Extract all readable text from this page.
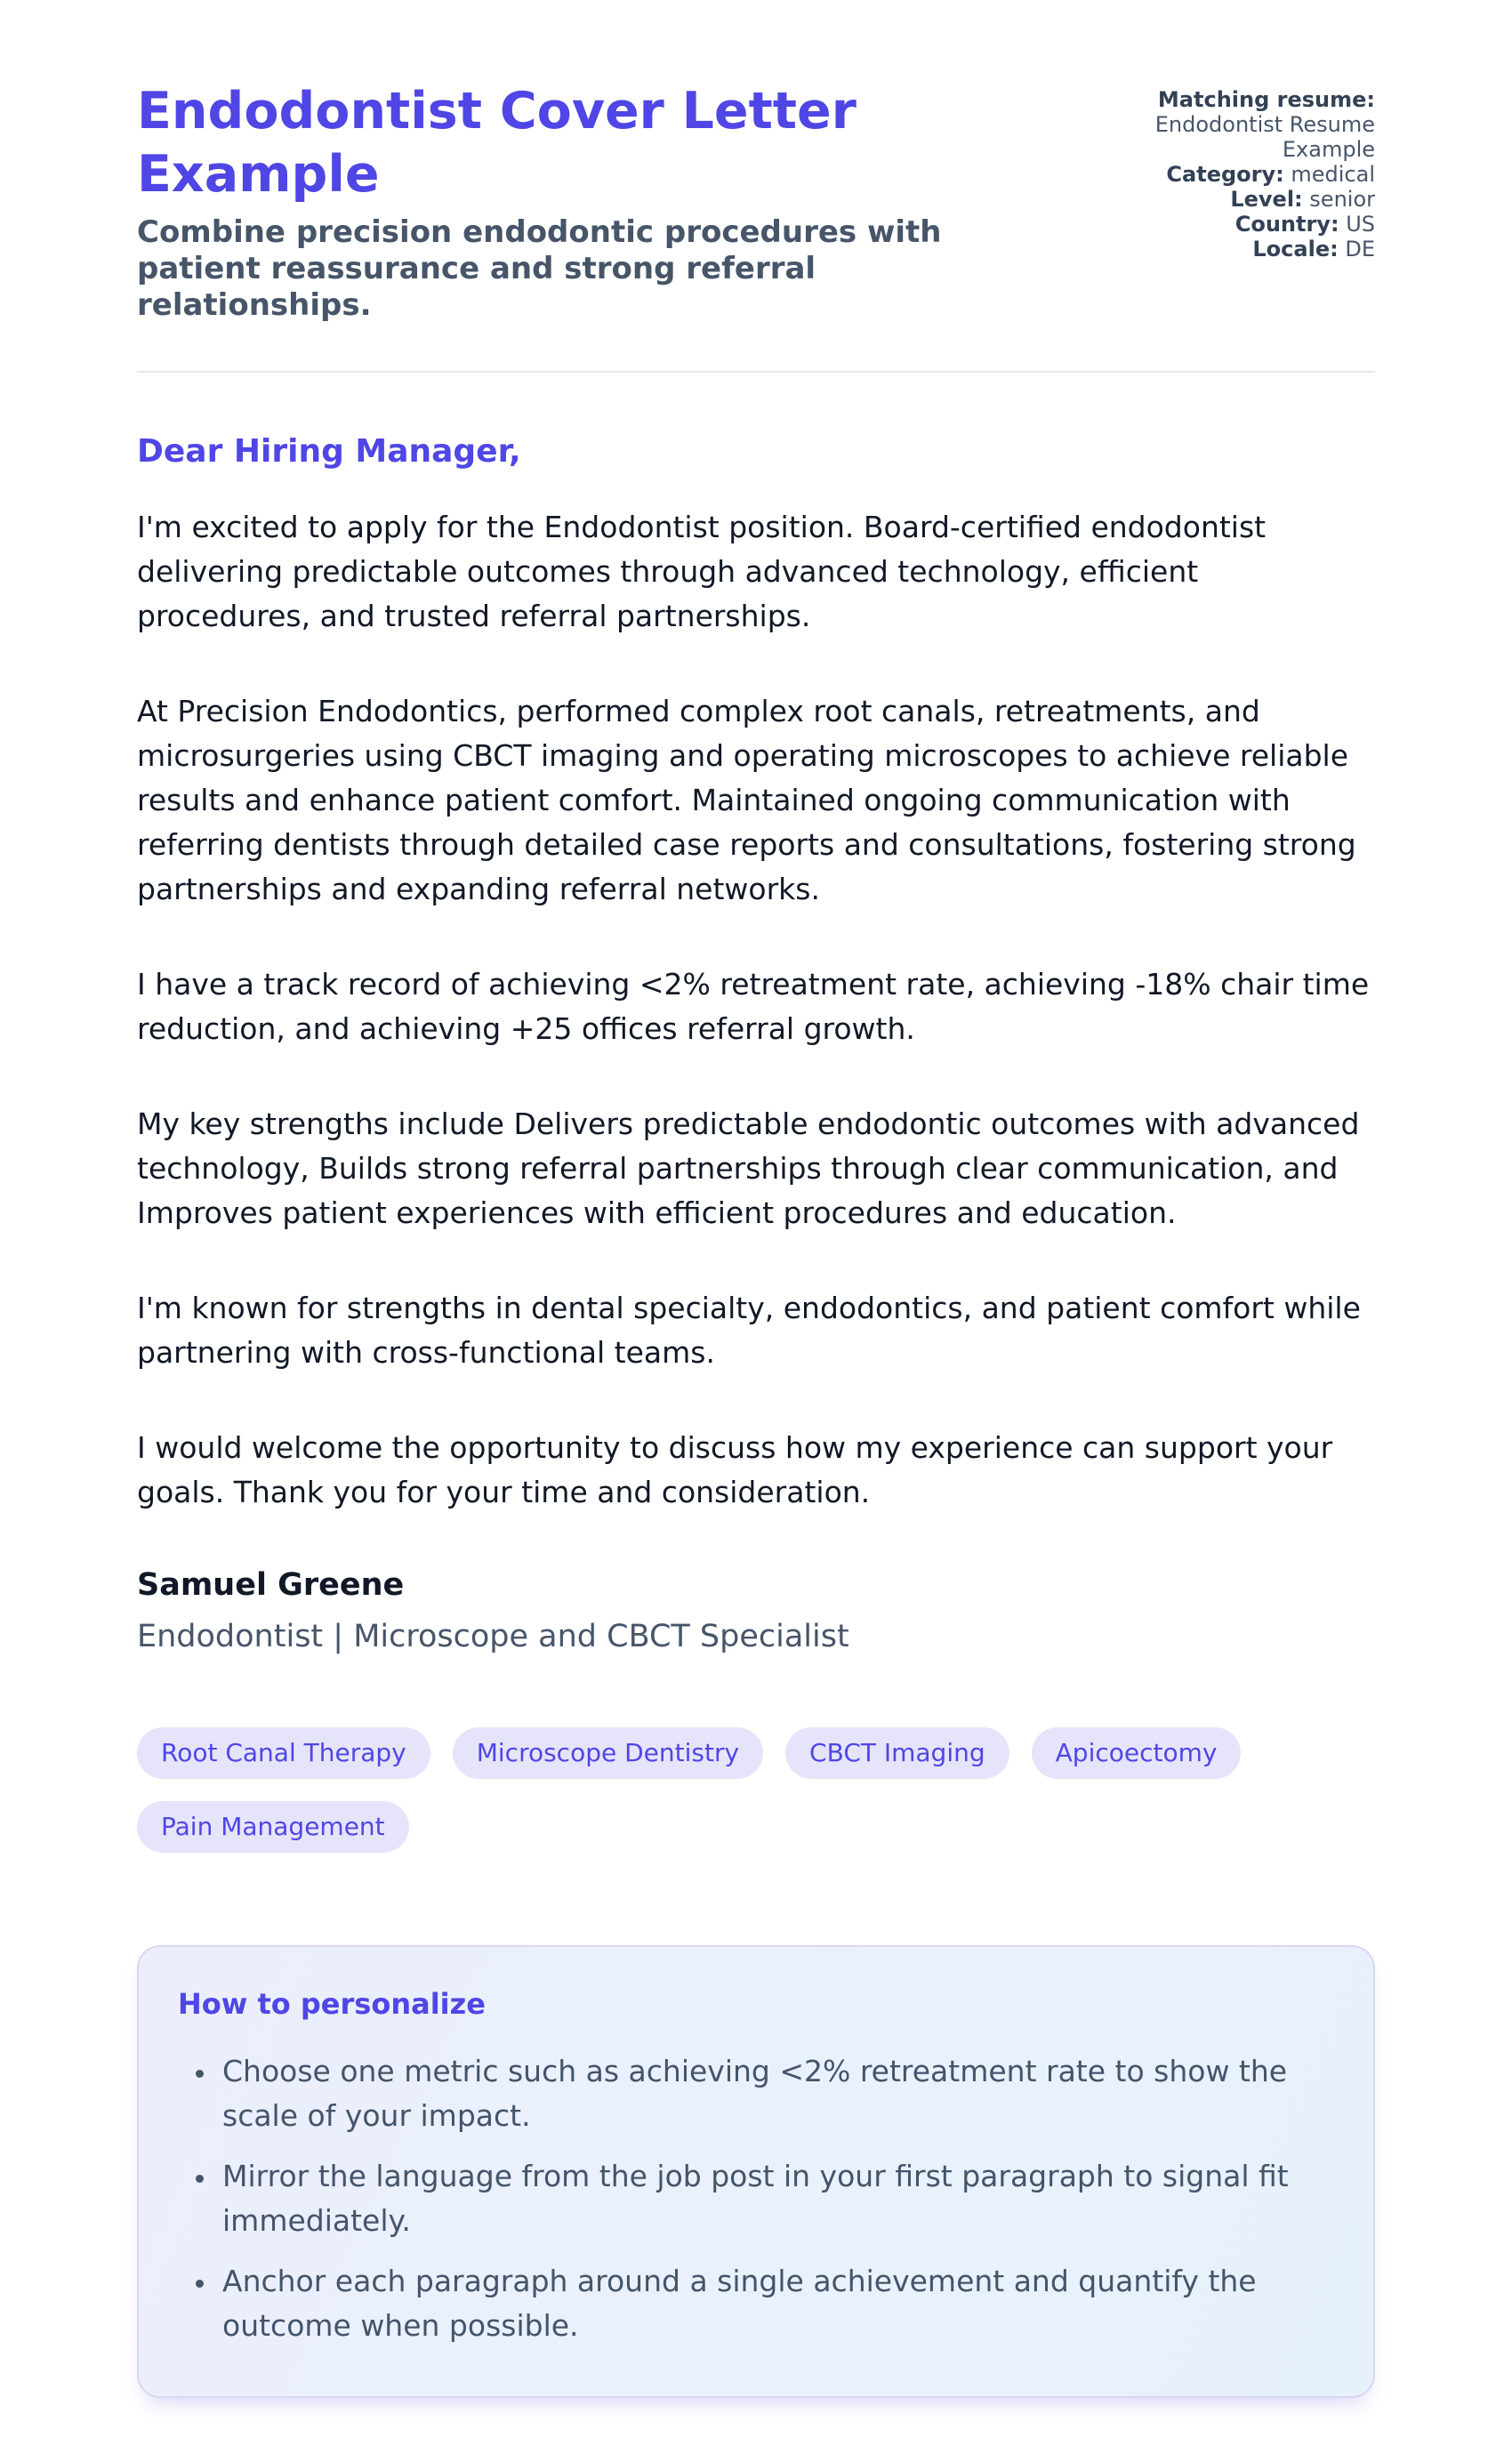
Endodontist Cover Letter Example
Combine precision endodontic procedures with patient reassurance and strong referral relationships.
Matching resume:
Endodontist Resume Example
Category: medical
Level: senior
Country: US
Locale: DE
Dear Hiring Manager,

I'm excited to apply for the Endodontist position. Board-certified endodontist delivering predictable outcomes through advanced technology, efficient procedures, and trusted referral partnerships.

At Precision Endodontics, performed complex root canals, retreatments, and microsurgeries using CBCT imaging and operating microscopes to achieve reliable results and enhance patient comfort. Maintained ongoing communication with referring dentists through detailed case reports and consultations, fostering strong partnerships and expanding referral networks.

I have a track record of achieving <2% retreatment rate, achieving -18% chair time reduction, and achieving +25 offices referral growth.

My key strengths include Delivers predictable endodontic outcomes with advanced technology, Builds strong referral partnerships through clear communication, and Improves patient experiences with efficient procedures and education.

I'm known for strengths in dental specialty, endodontics, and patient comfort while partnering with cross-functional teams.

I would welcome the opportunity to discuss how my experience can support your goals. Thank you for your time and consideration.

Samuel Greene
Endodontist | Microscope and CBCT Specialist
Root Canal Therapy	Microscope Dentistry	CBCT Imaging	Apicoectomy
Pain Management
How to personalize
• Choose one metric such as achieving <2% retreatment rate to show the scale of your impact.
• Mirror the language from the job post in your first paragraph to signal fit immediately.
• Anchor each paragraph around a single achievement and quantify the outcome when possible.
